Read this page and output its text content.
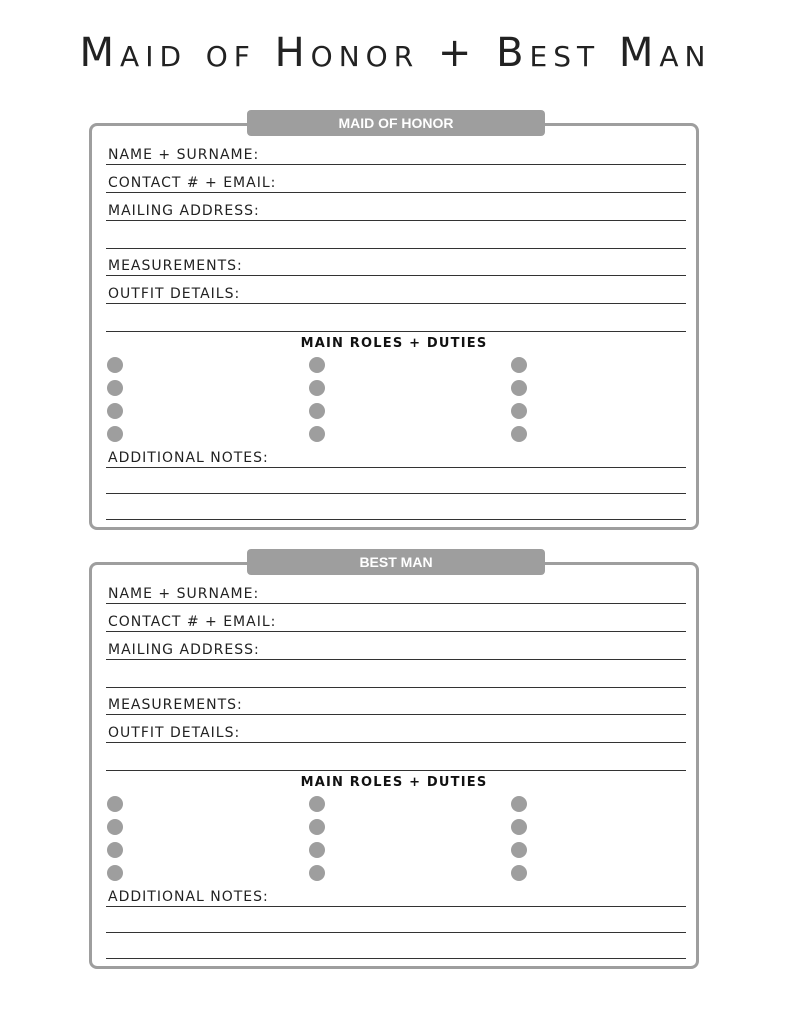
Maid of Honor + Best Man
MAID OF HONOR
NAME + SURNAME:
CONTACT # + EMAIL:
MAILING ADDRESS:
MEASUREMENTS:
OUTFIT DETAILS:
MAIN ROLES + DUTIES
ADDITIONAL NOTES:
BEST MAN
NAME + SURNAME:
CONTACT # + EMAIL:
MAILING ADDRESS:
MEASUREMENTS:
OUTFIT DETAILS:
MAIN ROLES + DUTIES
ADDITIONAL NOTES:
